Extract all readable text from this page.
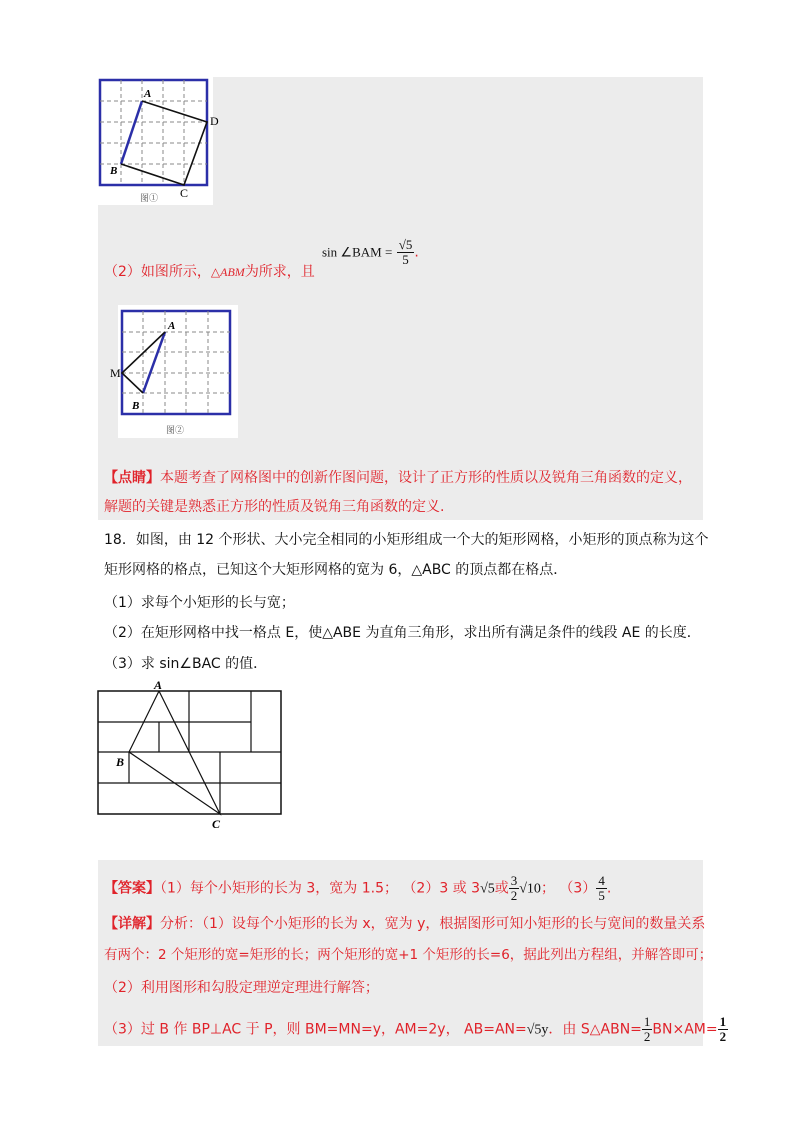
A
D
B
C
图①
（2）如图所示，△ABM为所求，且
sin ∠BAM = $\frac{√5}{5}$ .
A
M
B
图②
【点睛】本题考查了网格图中的创新作图问题，设计了正方形的性质以及锐角三角函数的定义，
解题的关键是熟悉正方形的性质及锐角三角函数的定义.
18．如图，由 12 个形状、大小完全相同的小矩形组成一个大的矩形网格，小矩形的顶点称为这个
矩形网格的格点，已知这个大矩形网格的宽为 6，△ABC 的顶点都在格点．
（1）求每个小矩形的长与宽；
（2）在矩形网格中找一格点 E，使△ABE 为直角三角形，求出所有满足条件的线段 AE 的长度．
（3）求 sin∠BAC 的值．
A
B
C
【答案】（1）每个小矩形的长为 3，宽为 1.5； （2）3 或 3√5或 $\frac{3}{2} √10$； $(3) \frac{4}{5}$ .
【详解】分析：（1）设每个小矩形的长为 x，宽为 y，根据图形可知小矩形的长与宽间的数量关系
有两个：2 个矩形的宽=矩形的长；两个矩形的宽+1 个矩形的长=6，据此列出方程组，并解答即可；
（2）利用图形和勾股定理逆定理进行解答；
（3）过 B 作 BP⊥AC 于 P，则 BM=MN=y，AM=2y， AB=AN=√5y．由 S△ABN= $\frac{1}{2} BN\times AM= \frac{1}{2}$
